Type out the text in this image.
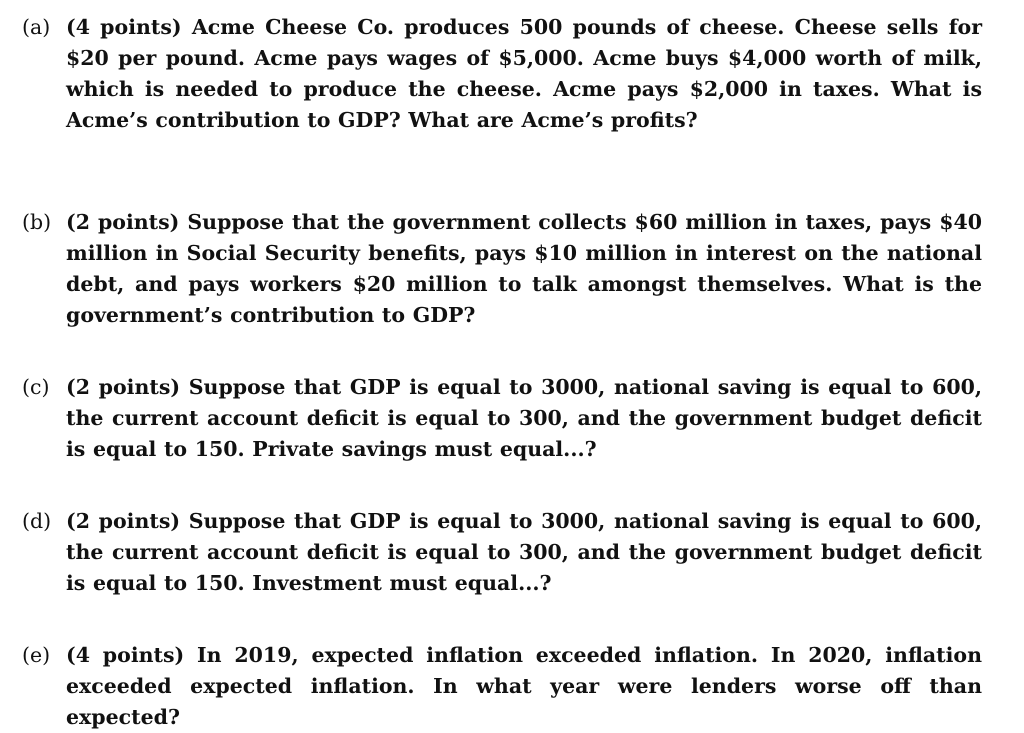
(a) (4 points) Acme Cheese Co. produces 500 pounds of cheese. Cheese sells for $20 per pound. Acme pays wages of $5,000. Acme buys $4,000 worth of milk, which is needed to produce the cheese. Acme pays $2,000 in taxes. What is Acme’s contribution to GDP? What are Acme’s profits?
(b) (2 points) Suppose that the government collects $60 million in taxes, pays $40 million in Social Security benefits, pays $10 million in interest on the national debt, and pays workers $20 million to talk amongst themselves. What is the government’s contribution to GDP?
(c) (2 points) Suppose that GDP is equal to 3000, national saving is equal to 600, the current account deficit is equal to 300, and the government budget deficit is equal to 150. Private savings must equal...?
(d) (2 points) Suppose that GDP is equal to 3000, national saving is equal to 600, the current account deficit is equal to 300, and the government budget deficit is equal to 150. Investment must equal...?
(e) (4 points) In 2019, expected inflation exceeded inflation. In 2020, inflation exceeded expected inflation. In what year were lenders worse off than expected?
